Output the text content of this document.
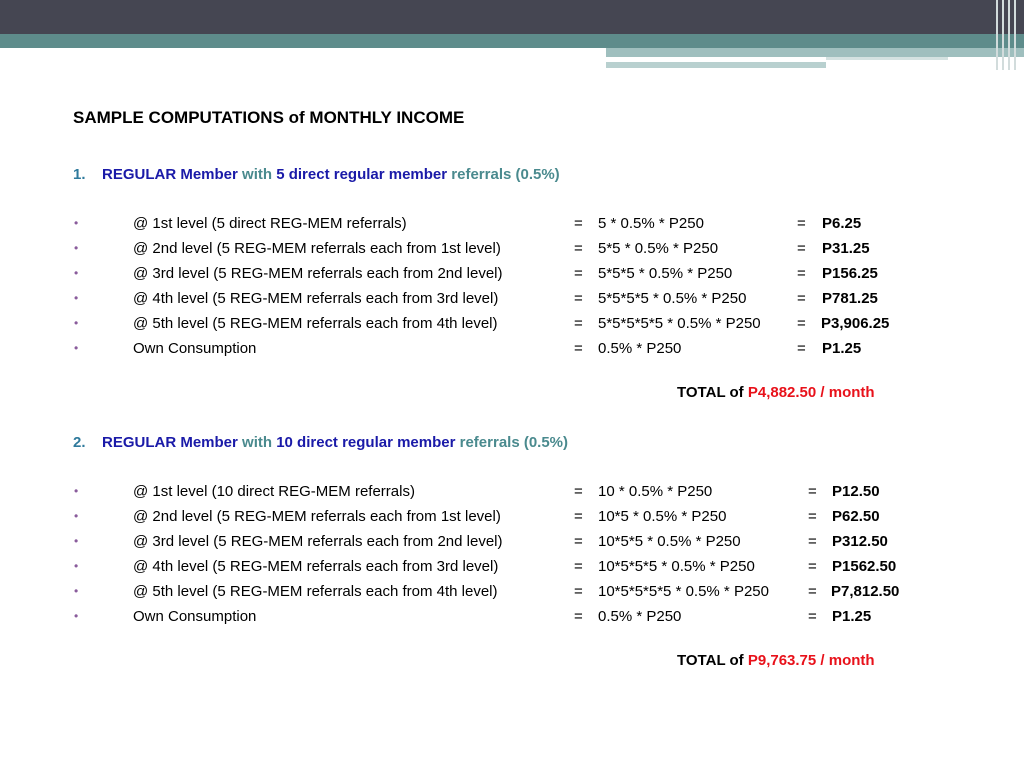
SAMPLE COMPUTATIONS of MONTHLY INCOME
1. REGULAR Member with 5 direct regular member referrals (0.5%)
•	@ 1st level (5 direct REG-MEM referrals)	= 5 * 0.5% * P250	= P6.25
•	@ 2nd level (5 REG-MEM referrals each from 1st level)	= 5*5 * 0.5% * P250	= P31.25
•	@ 3rd level (5 REG-MEM referrals each from 2nd level)	= 5*5*5 * 0.5% * P250	= P156.25
•	@ 4th level (5 REG-MEM referrals each from 3rd level)	= 5*5*5*5 * 0.5% * P250	= P781.25
•	@ 5th level (5 REG-MEM referrals each from 4th level)	= 5*5*5*5*5 * 0.5% * P250 = P3,906.25
•	Own Consumption	= 0.5% * P250	= P1.25
TOTAL of P4,882.50 / month
2. REGULAR Member with 10 direct regular member referrals (0.5%)
•	@ 1st level (10 direct REG-MEM referrals)	= 10 * 0.5% * P250	= P12.50
•	@ 2nd level (5 REG-MEM referrals each from 1st level)	= 10*5 * 0.5% * P250	= P62.50
•	@ 3rd level (5 REG-MEM referrals each from 2nd level)	= 10*5*5 * 0.5% * P250	= P312.50
•	@ 4th level (5 REG-MEM referrals each from 3rd level)	= 10*5*5*5 * 0.5% * P250	= P1562.50
•	@ 5th level (5 REG-MEM referrals each from 4th level)	= 10*5*5*5*5 * 0.5% * P250	= P7,812.50
•	Own Consumption	= 0.5% * P250	= P1.25
TOTAL of P9,763.75 / month
